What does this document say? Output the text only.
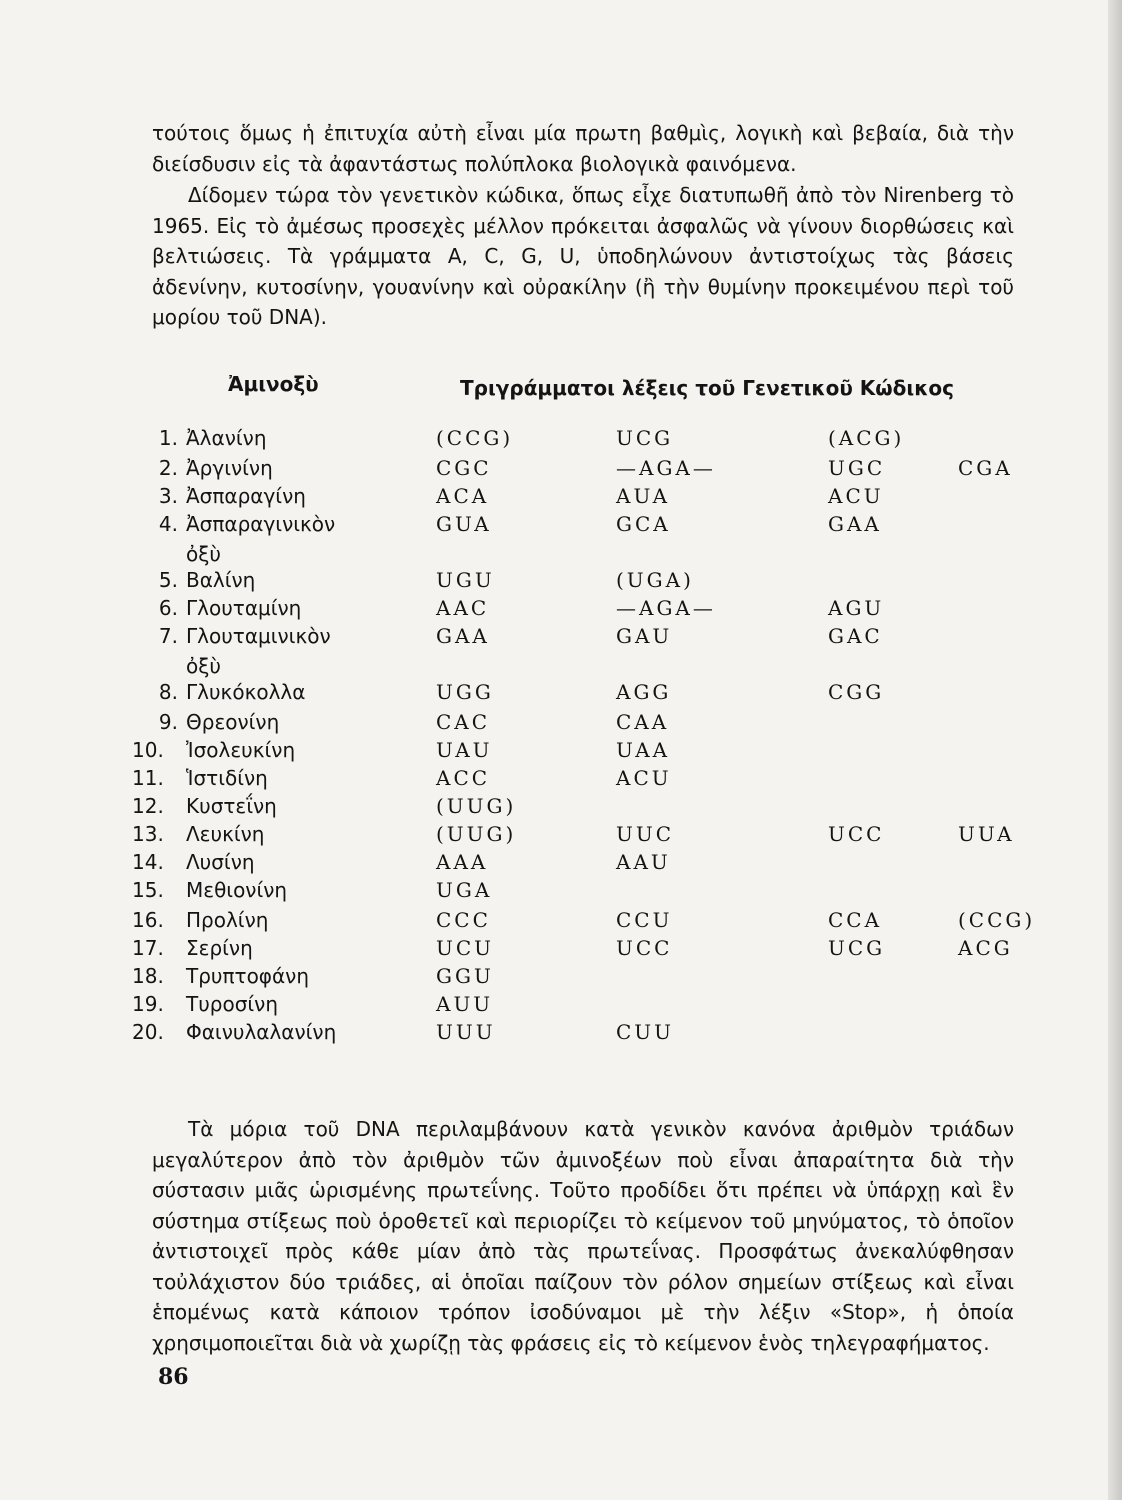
τούτοις ὅμως ἡ ἐπιτυχία αὐτὴ εἶναι μία πρωτη βαθμὶς, λογικὴ καὶ βεβαία, διὰ τὴν διείσδυσιν εἰς τὰ ἀφαντάστως πολύπλοκα βιολογικὰ φαινόμενα.

Δίδομεν τώρα τὸν γενετικὸν κώδικα, ὅπως εἶχε διατυπωθῆ ἀπὸ τὸν Nirenberg τὸ 1965. Εἰς τὸ ἀμέσως προσεχὲς μέλλον πρόκειται ἀσφαλῶς νὰ γίνουν διορθώσεις καὶ βελτιώσεις. Τὰ γράμματα A, C, G, U, ὑποδηλώνουν ἀντιστοίχως τὰς βάσεις ἀδενίνην, κυτοσίνην, γουανίνην καὶ οὐρακίλην (ἢ τὴν θυμίνην προκειμένου περὶ τοῦ μορίου τοῦ DNA).

Ἀμινοξὺ	Τριγράμματοι λέξεις τοῦ Γενετικοῦ Κώδικος

1. Ἀλανίνη	(CCG)	UCG	(ACG)
2. Ἀργινίνη	CGC	—AGA—	UGC	CGA
3. Ἀσπαραγίνη	ACA	AUA	ACU
4. Ἀσπαραγινικὸν	GUA	GCA	GAA
ὀξὺ
5. Βαλίνη	UGU	(UGA)
6. Γλουταμίνη	AAC	—AGA—	AGU
7. Γλουταμινικὸν	GAA	GAU	GAC
ὀξὺ
8. Γλυκόκολλα	UGG	AGG	CGG
9. Θρεονίνη	CAC	CAA
10. Ἰσολευκίνη	UAU	UAA
11. Ἱστιδίνη	ACC	ACU
12. Κυστεΐνη	(UUG)
13. Λευκίνη	(UUG)	UUC	UCC	UUA
14. Λυσίνη	AAA	AAU
15. Μεθιονίνη	UGA
16. Προλίνη	CCC	CCU	CCA	(CCG)
17. Σερίνη	UCU	UCC	UCG	ACG
18. Τρυπτοφάνη	GGU
19. Τυροσίνη	AUU
20. Φαινυλαλανίνη	UUU	CUU

Τὰ μόρια τοῦ DNA περιλαμβάνουν κατὰ γενικὸν κανόνα ἀριθμὸν τριάδων μεγαλύτερον ἀπὸ τὸν ἀριθμὸν τῶν ἀμινοξέων ποὺ εἶναι ἀπαραίτητα διὰ τὴν σύστασιν μιᾶς ὡρισμένης πρωτεΐνης. Τοῦτο προδίδει ὅτι πρέπει νὰ ὑπάρχῃ καὶ ἓν σύστημα στίξεως ποὺ ὁροθετεῖ καὶ περιορίζει τὸ κείμενον τοῦ μηνύματος, τὸ ὁποῖον ἀντιστοιχεῖ πρὸς κάθε μίαν ἀπὸ τὰς πρωτεΐνας. Προσφάτως ἀνεκαλύφθησαν τοὐλάχιστον δύο τριάδες, αἱ ὁποῖαι παίζουν τὸν ρόλον σημείων στίξεως καὶ εἶναι ἑπομένως κατὰ κάποιον τρόπον ἰσοδύναμοι μὲ τὴν λέξιν «Stop», ἡ ὁποία χρησιμοποιεῖται διὰ νὰ χωρίζῃ τὰς φράσεις εἰς τὸ κείμενον ἑνὸς τηλεγραφήματος.

86
